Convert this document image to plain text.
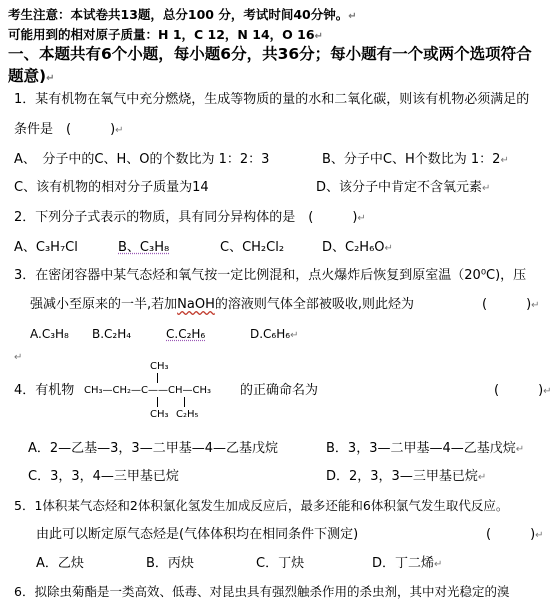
考生注意：本试卷共13题，总分100 分，考试时间40分钟。↵
可能用到的相对原子质量：H 1，C 12，N 14，O 16↵
一、本题共有6个小题，每小题6分，共36分；每小题有一个或两个选项符合
题意)↵
1．某有机物在氧气中充分燃烧，生成等物质的量的水和二氧化碳，则该有机物必须满足的
条件是　(　　　)↵
A、　分子中的C、H、O的个数比为 1：2：3	B、分子中C、H个数比为 1：2↵
C、该有机物的相对分子质量为14	D、该分子中肯定不含氧元素↵
2．下列分子式表示的物质，具有同分异构体的是　(　　　)↵
A、C₃H₇Cl	B、C₃H₈	C、CH₂Cl₂	D、C₂H₆O↵
3．在密闭容器中某气态烃和氧气按一定比例混和，点火爆炸后恢复到原室温（20⁰C)，压
强减小至原来的一半,若加NaOH的溶液则气体全部被吸收,则此烃为	(　　　)↵
A.C₃H₈ B.C₂H₄	C.C₂H₆	D.C₆H₆↵
↵
4．有机物
CH₃
CH₃—CH₂—C——CH—CH₃
CH₃ C₂H₅
的正确命名为	(　　　)↵
A．2—乙基—3，3—二甲基—4—乙基戊烷	B．3，3—二甲基—4—乙基戊烷↵
C．3，3，4—三甲基已烷	D．2，3，3—三甲基已烷↵
5．1体积某气态烃和2体积氯化氢发生加成反应后，最多还能和6体积氯气发生取代反应。
由此可以断定原气态烃是(气体体积均在相同条件下测定)	(　　　)↵
A．乙炔	B．丙炔	C．丁炔	D．丁二烯↵
6．拟除虫菊酯是一类高效、低毒、对昆虫具有强烈触杀作用的杀虫剂，其中对光稳定的溴
